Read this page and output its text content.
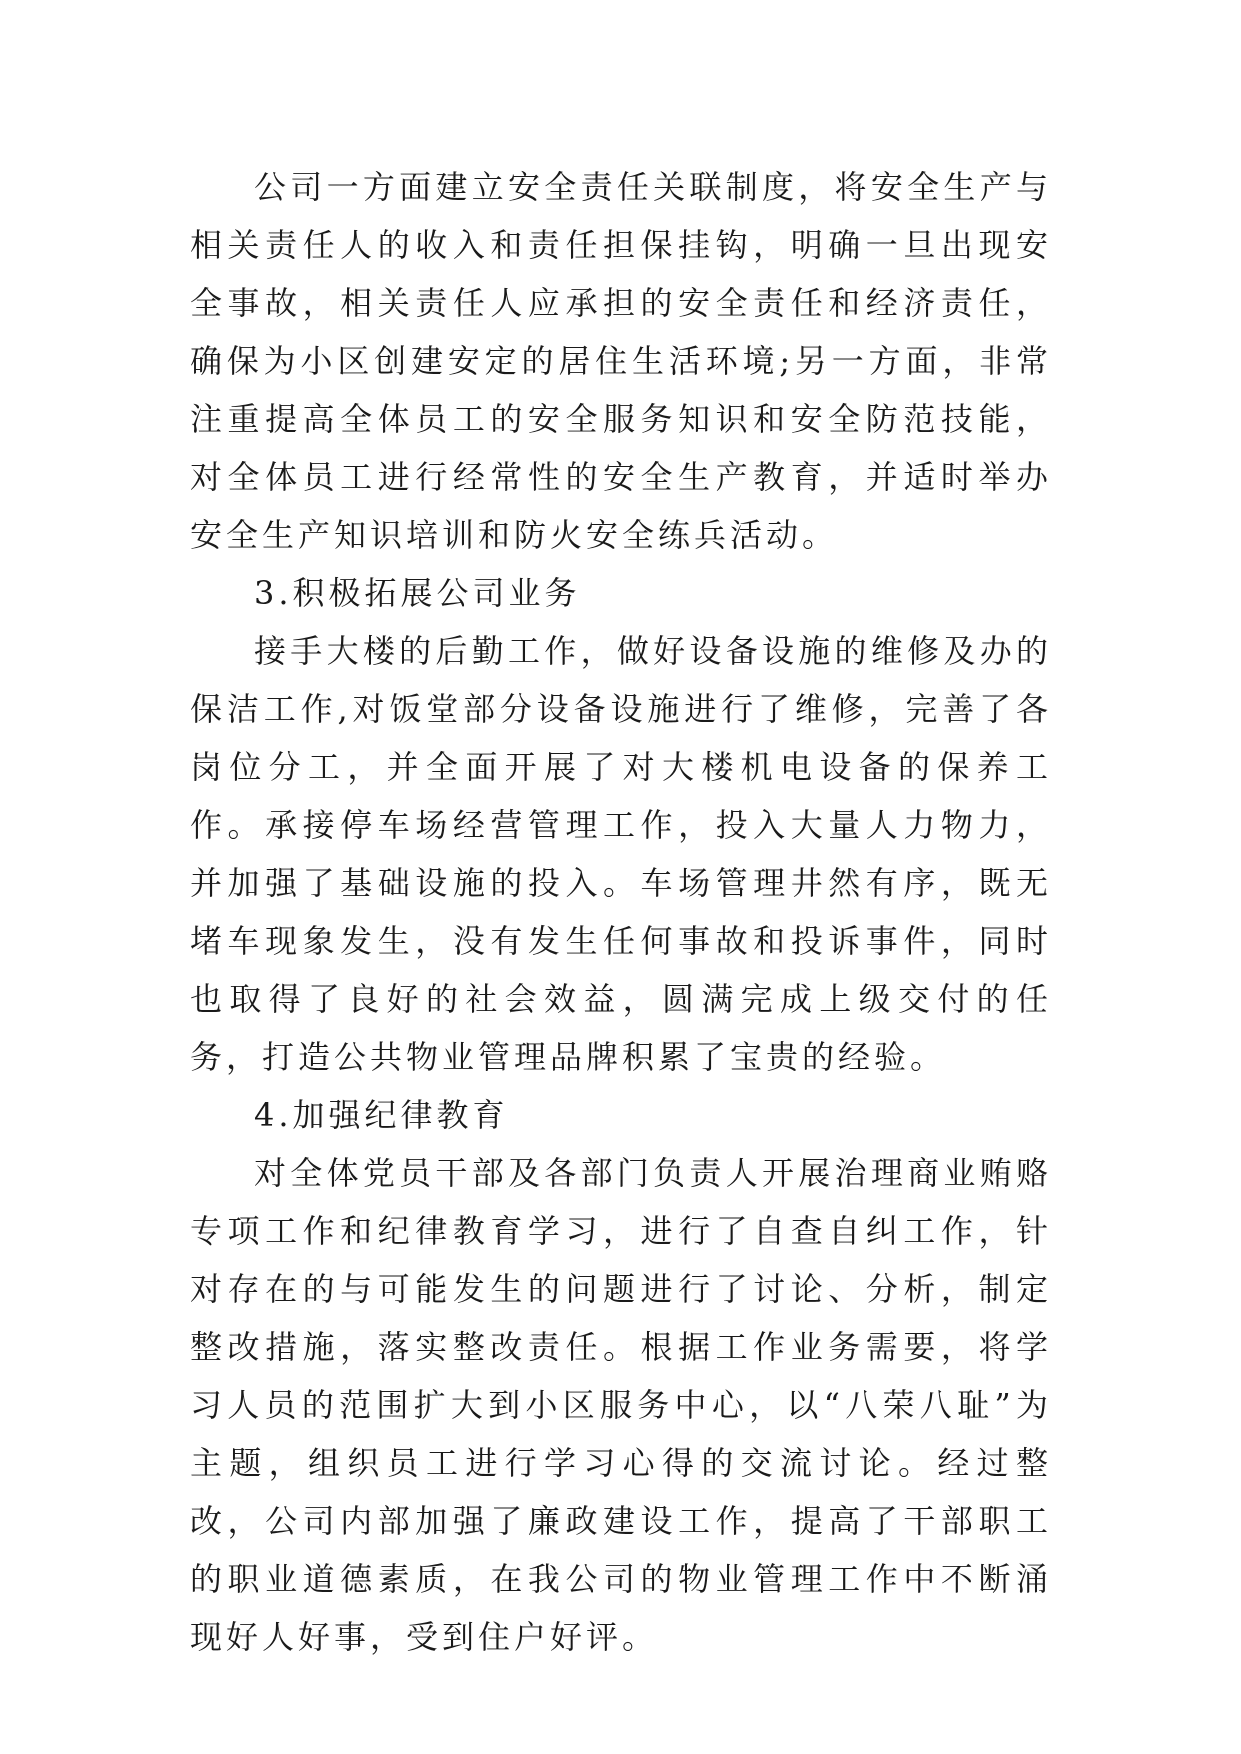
公司一方面建立安全责任关联制度，将安全生产与相关责任人的收入和责任担保挂钩，明确一旦出现安全事故，相关责任人应承担的安全责任和经济责任，确保为小区创建安定的居住生活环境;另一方面，非常注重提高全体员工的安全服务知识和安全防范技能，对全体员工进行经常性的安全生产教育，并适时举办安全生产知识培训和防火安全练兵活动。

3.积极拓展公司业务

接手大楼的后勤工作，做好设备设施的维修及办的保洁工作,对饭堂部分设备设施进行了维修，完善了各岗位分工，并全面开展了对大楼机电设备的保养工作。承接停车场经营管理工作，投入大量人力物力，并加强了基础设施的投入。车场管理井然有序，既无堵车现象发生，没有发生任何事故和投诉事件，同时也取得了良好的社会效益，圆满完成上级交付的任务，打造公共物业管理品牌积累了宝贵的经验。

4.加强纪律教育

对全体党员干部及各部门负责人开展治理商业贿赂专项工作和纪律教育学习，进行了自查自纠工作，针对存在的与可能发生的问题进行了讨论、分析，制定整改措施，落实整改责任。根据工作业务需要，将学习人员的范围扩大到小区服务中心，以“八荣八耻”为主题，组织员工进行学习心得的交流讨论。经过整改，公司内部加强了廉政建设工作，提高了干部职工的职业道德素质，在我公司的物业管理工作中不断涌现好人好事，受到住户好评。
